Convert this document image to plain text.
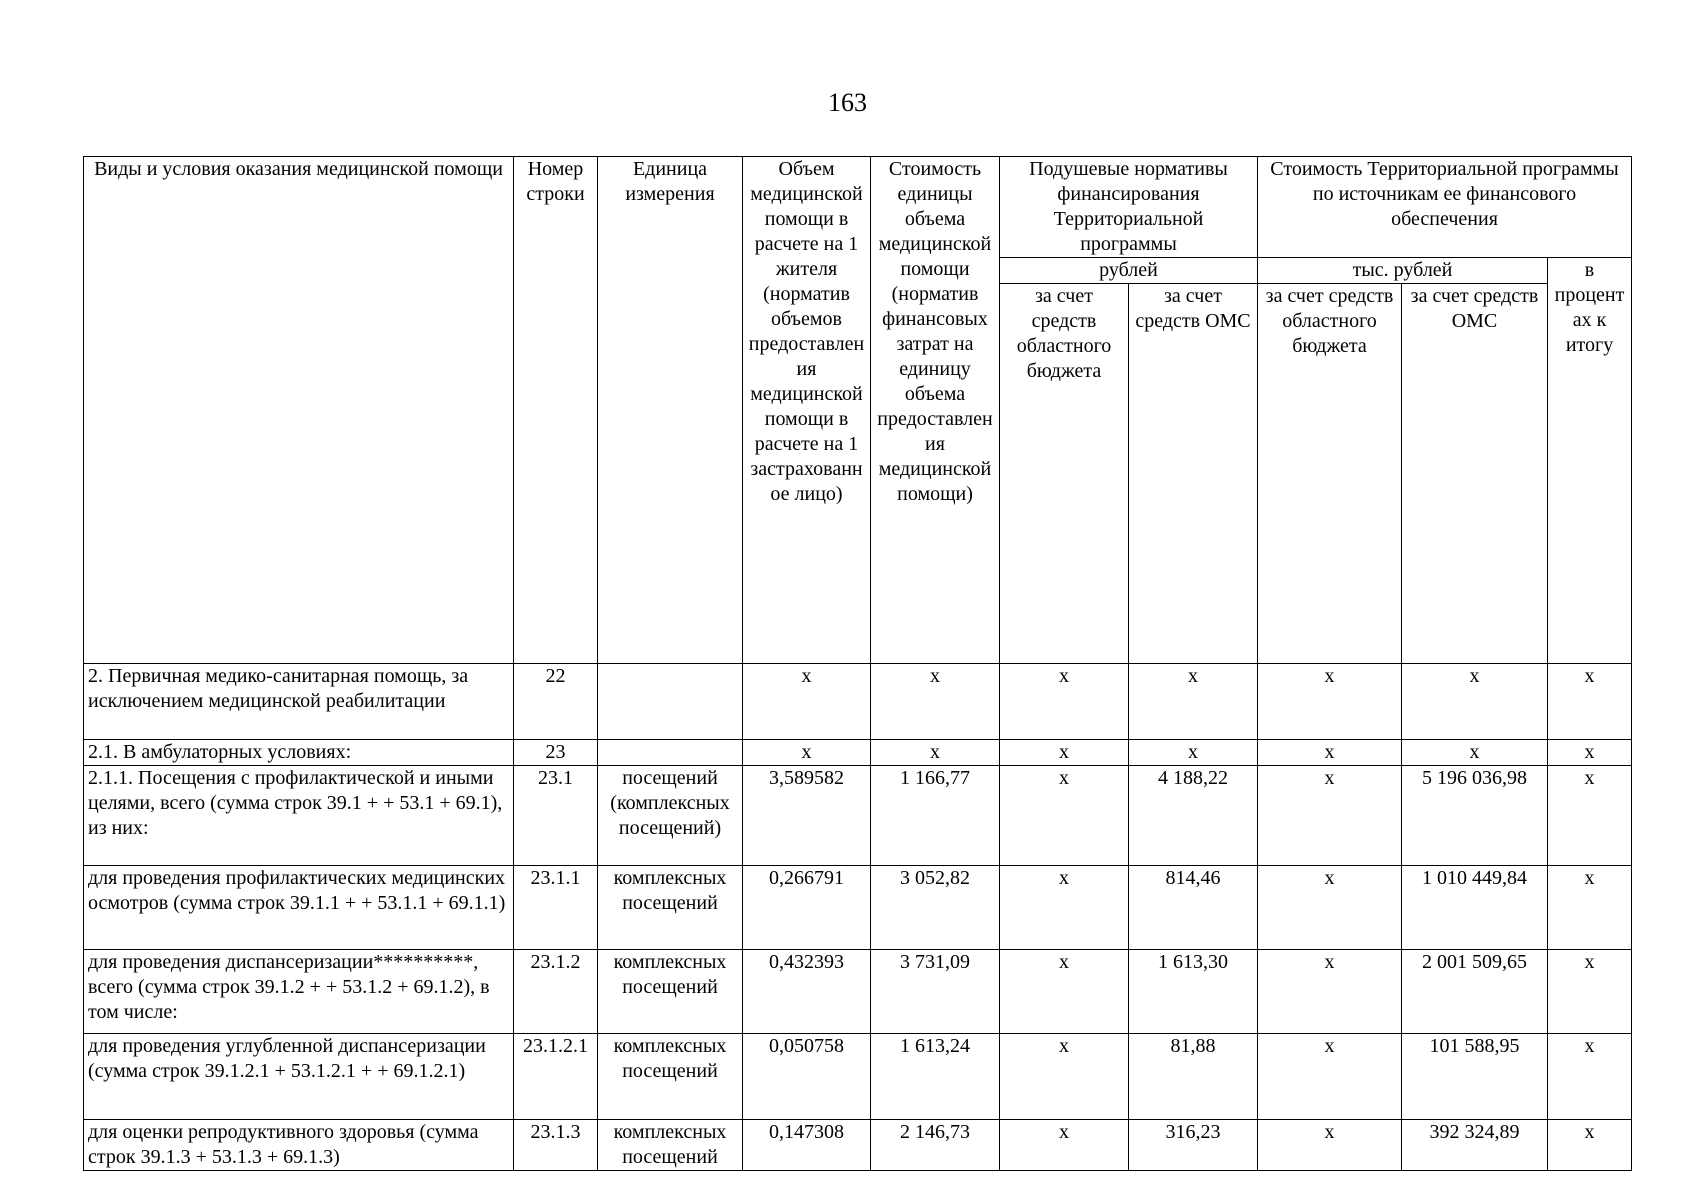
163
Виды и условия оказания медицинской помощи	Номер строки	Единица измерения	Объем медицинской помощи в расчете на 1 жителя (норматив объемов предоставления медицинской помощи в расчете на 1 застрахованное лицо)	Стоимость единицы объема медицинской помощи (норматив финансовых затрат на единицу объема предоставления медицинской помощи)	Подушевые нормативы финансирования Территориальной программы		Стоимость Территориальной программы по источникам ее финансового обеспечения		
					рублей		тыс. рублей		в процентах к итогу
					за счет средств областного бюджета	за счет средств ОМС	за счет средств областного бюджета	за счет средств ОМС	
2. Первичная медико-санитарная помощь, за исключением медицинской реабилитации	22		х	х	х	х	х	х	х
2.1. В амбулаторных условиях:	23		х	х	х	х	х	х	х
2.1.1. Посещения с профилактической и иными целями, всего (сумма строк 39.1 + + 53.1 + 69.1), из них:	23.1	посещений (комплексных посещений)	3,589582	1 166,77	х	4 188,22	х	5 196 036,98	х
для проведения профилактических медицинских осмотров (сумма строк 39.1.1 + + 53.1.1 + 69.1.1)	23.1.1	комплексных посещений	0,266791	3 052,82	х	814,46	х	1 010 449,84	х
для проведения диспансеризации**********, всего (сумма строк 39.1.2 + + 53.1.2 + 69.1.2), в том числе:	23.1.2	комплексных посещений	0,432393	3 731,09	х	1 613,30	х	2 001 509,65	х
для проведения углубленной диспансеризации (сумма строк 39.1.2.1 + 53.1.2.1 + + 69.1.2.1)	23.1.2.1	комплексных посещений	0,050758	1 613,24	х	81,88	х	101 588,95	х
для оценки репродуктивного здоровья (сумма строк 39.1.3 + 53.1.3 + 69.1.3)	23.1.3	комплексных посещений	0,147308	2 146,73	х	316,23	х	392 324,89	х
